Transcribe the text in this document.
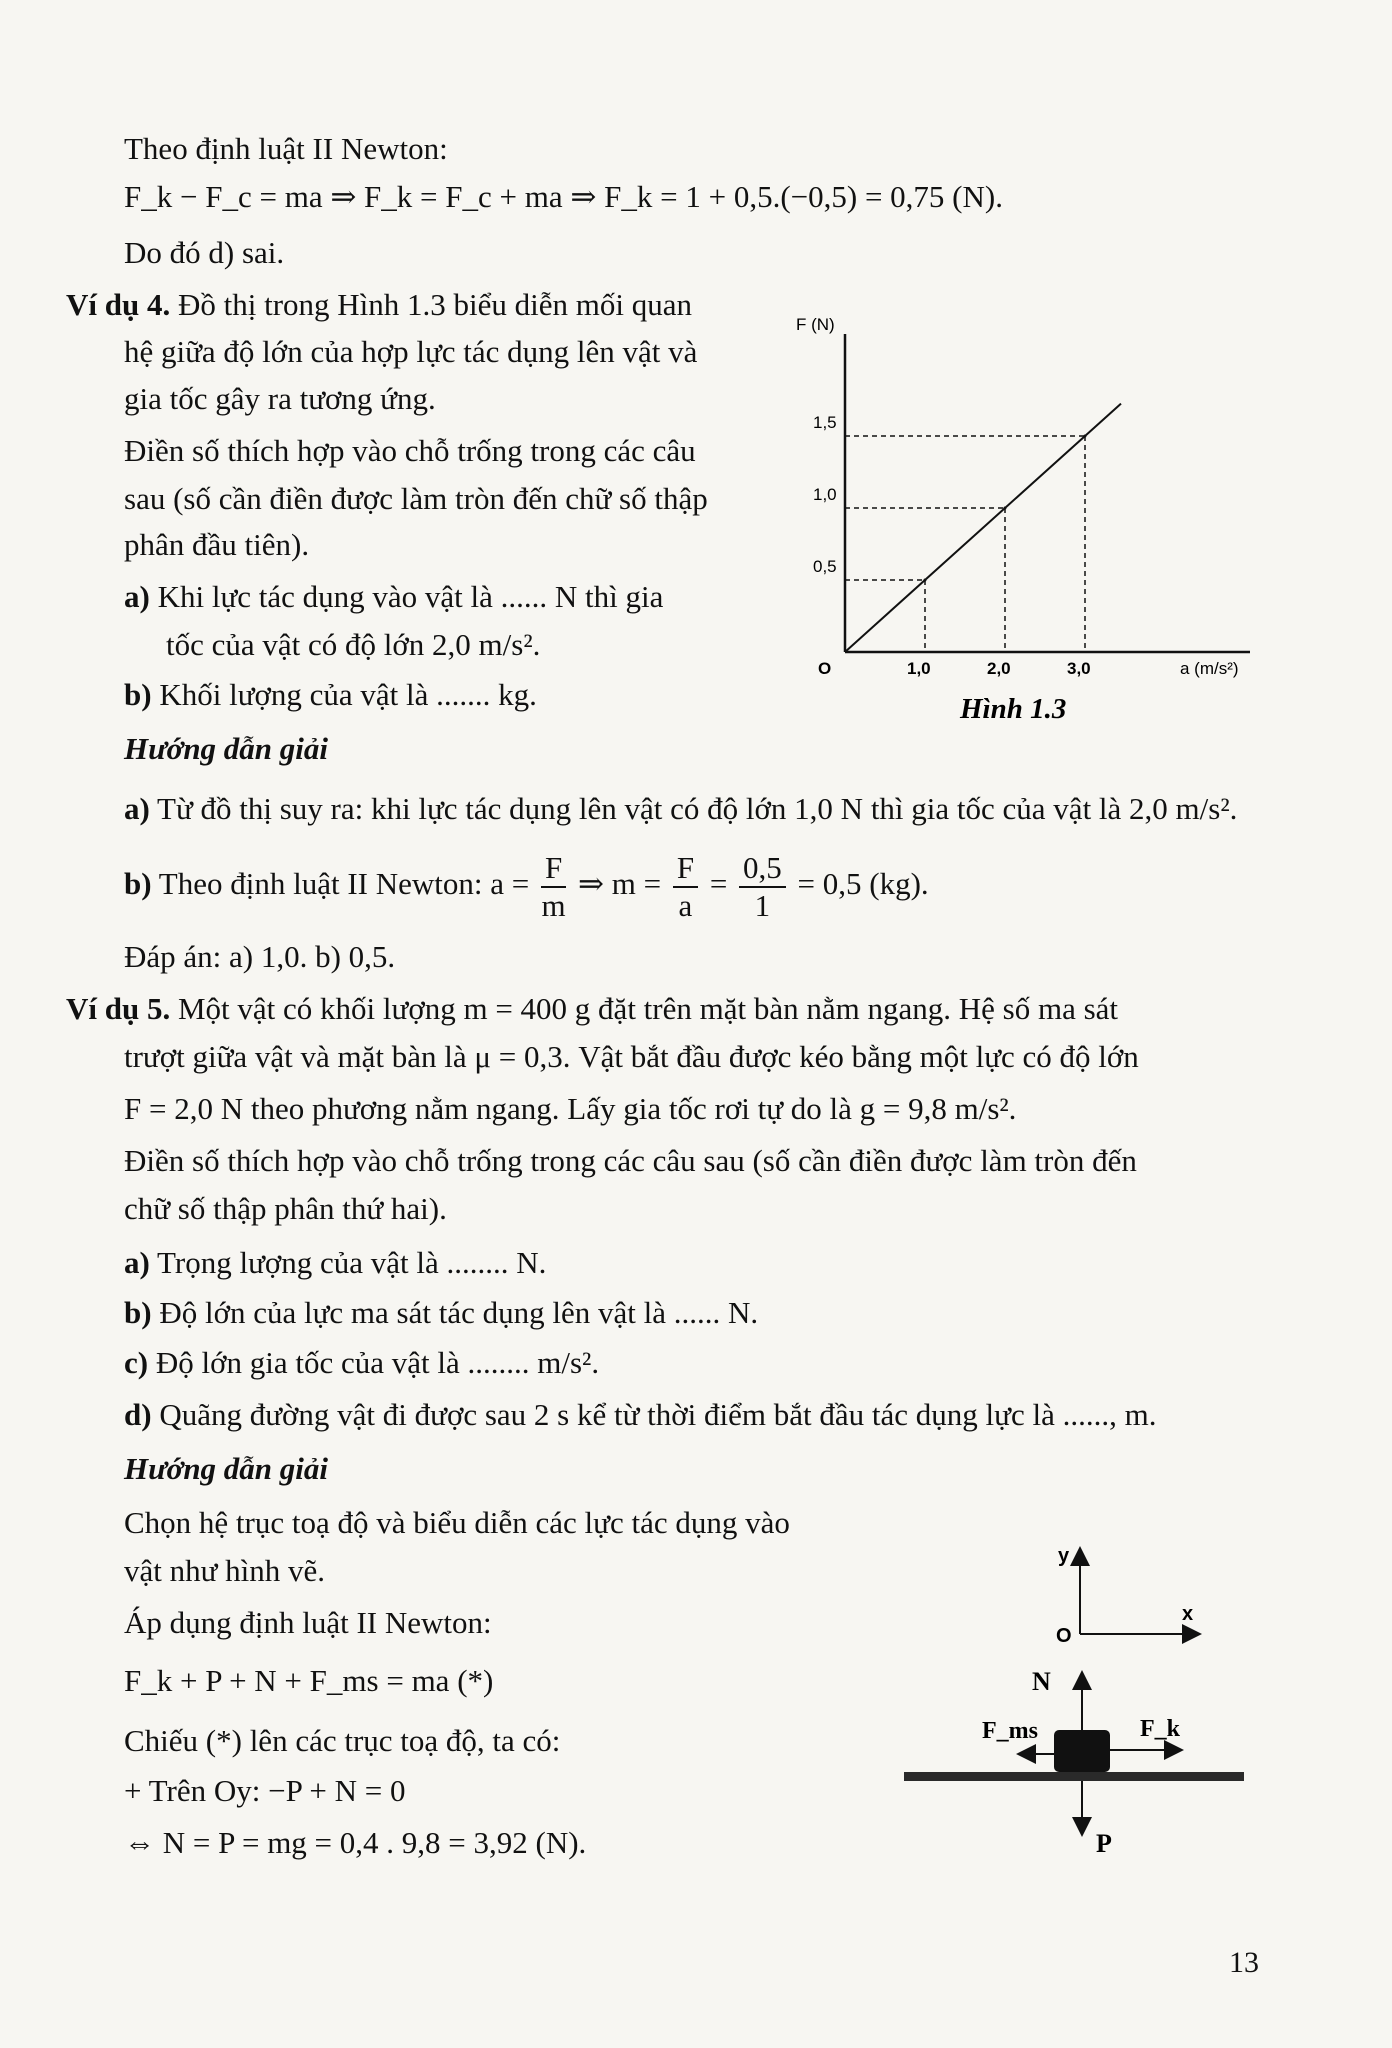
Theo định luật II Newton:
F_k − F_c = ma ⇒ F_k = F_c + ma ⇒ F_k = 1 + 0,5.(−0,5) = 0,75 (N).
Do đó d) sai.
Ví dụ 4. Đồ thị trong Hình 1.3 biểu diễn mối quan
hệ giữa độ lớn của hợp lực tác dụng lên vật và
gia tốc gây ra tương ứng.
Điền số thích hợp vào chỗ trống trong các câu
sau (số cần điền được làm tròn đến chữ số thập
phân đầu tiên).
a) Khi lực tác dụng vào vật là ...... N thì gia
tốc của vật có độ lớn 2,0 m/s².
b) Khối lượng của vật là ....... kg.
0,5
1,0
1,0
2,0
1,5
3,0
F (N)
a (m/s²)
O
Hình 1.3
Hướng dẫn giải
a) Từ đồ thị suy ra: khi lực tác dụng lên vật có độ lớn 1,0 N thì gia tốc của vật là 2,0 m/s².
b) Theo định luật II Newton: $a = \frac{F}{m}$ ⇒ $m = \frac{F}{a} = \frac{0,5}{1} = 0,5$ (kg).
Đáp án: a) 1,0. b) 0,5.
Ví dụ 5. Một vật có khối lượng m = 400 g đặt trên mặt bàn nằm ngang. Hệ số ma sát
trượt giữa vật và mặt bàn là μ = 0,3. Vật bắt đầu được kéo bằng một lực có độ lớn
F = 2,0 N theo phương nằm ngang. Lấy gia tốc rơi tự do là g = 9,8 m/s².
Điền số thích hợp vào chỗ trống trong các câu sau (số cần điền được làm tròn đến
chữ số thập phân thứ hai).
a) Trọng lượng của vật là ........ N.
b) Độ lớn của lực ma sát tác dụng lên vật là ...... N.
c) Độ lớn gia tốc của vật là ........ m/s².
d) Quãng đường vật đi được sau 2 s kể từ thời điểm bắt đầu tác dụng lực là ......, m.
Hướng dẫn giải
Chọn hệ trục toạ độ và biểu diễn các lực tác dụng vào
vật như hình vẽ.
Áp dụng định luật II Newton:
F_k + P + N + F_ms = ma (*)
Chiếu (*) lên các trục toạ độ, ta có:
+ Trên Oy: −P + N = 0
⇔ N = P = mg = 0,4 . 9,8 = 3,92 (N).
y
x
O
N
F_k
F_ms
P
13
